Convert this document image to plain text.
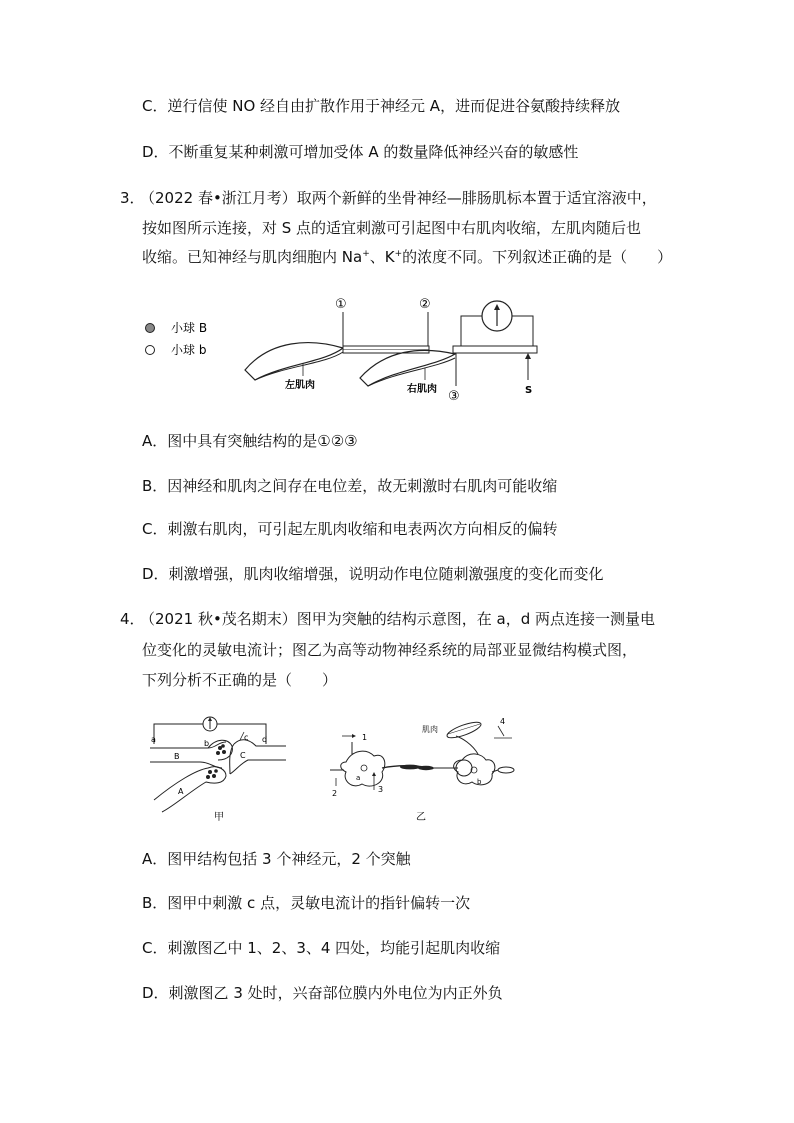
C．逆行信使 NO 经自由扩散作用于神经元 A，进而促进谷氨酸持续释放
D．不断重复某种刺激可增加受体 A 的数量降低神经兴奋的敏感性
3．
（2022 春•浙江月考）取两个新鲜的坐骨神经—腓肠肌标本置于适宜溶液中，
按如图所示连接，对 S 点的适宜刺激可引起图中右肌肉收缩，左肌肉随后也
收缩。已知神经与肌肉细胞内 Na+、K+的浓度不同。下列叙述正确的是（　　）
小球 B
小球 b
①	②
③	S
左肌肉	右肌肉
A．图中具有突触结构的是①②③
B．因神经和肌肉之间存在电位差，故无刺激时右肌肉可能收缩
C．刺激右肌肉，可引起左肌肉收缩和电表两次方向相反的偏转
D．刺激增强，肌肉收缩增强，说明动作电位随刺激强度的变化而变化
4．
（2021 秋•茂名期末）图甲为突触的结构示意图，在 a，d 两点连接一测量电
位变化的灵敏电流计；图乙为高等动物神经系统的局部亚显微结构模式图，
下列分析不正确的是（　　）
a	d
B
b
A
C
c
甲
肌肉
a	b
1
2	3
4
乙
A．图甲结构包括 3 个神经元，2 个突触
B．图甲中刺激 c 点，灵敏电流计的指针偏转一次
C．刺激图乙中 1、2、3、4 四处，均能引起肌肉收缩
D．刺激图乙 3 处时，兴奋部位膜内外电位为内正外负
